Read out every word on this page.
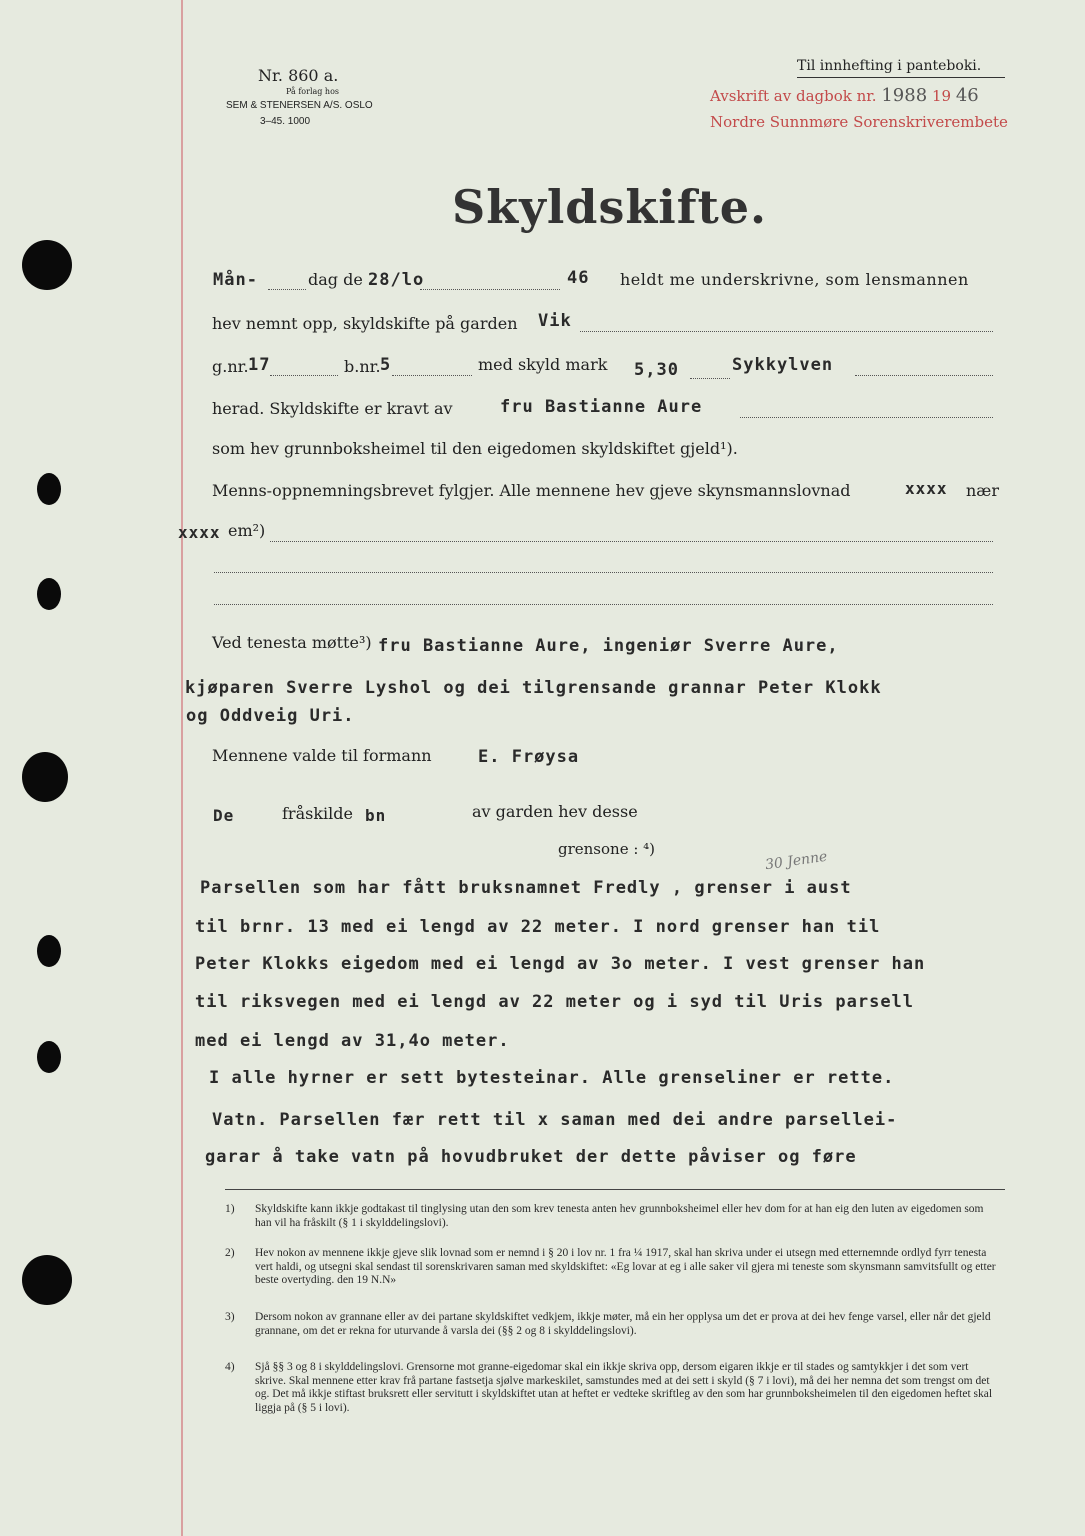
Nr. 860 a.
På forlag hos
SEM & STENERSEN A/S. OSLO
3–45. 1000
Til innhefting i panteboki.
Avskrift av dagbok nr. 1988 19 46
Nordre Sunnmøre Sorenskriverembete
Skyldskifte.
Mån-	dag de 28/lo	46 heldt me underskrivne, som lensmannen
hev nemnt opp, skyldskifte på garden Vik
g.nr. 17	b.nr. 5	med skyld mark 5,30	Sykkylven
herad. Skyldskifte er kravt av	fru Bastianne Aure
som hev grunnboksheimel til den eigedomen skyldskiftet gjeld¹).
Menns-oppnemningsbrevet fylgjer. Alle mennene hev gjeve skynsmannslovnad	xxxx nær
xxxx em²)
Ved tenesta møtte³) fru Bastianne Aure, ingeniør Sverre Aure,
kjøparen Sverre Lyshol og dei tilgrensande grannar Peter Klokk
og Oddveig Uri.
Mennene valde til formann	E. Frøysa
De	fråskilde bn	av garden hev desse
grensone : ⁴)	30 Jenne
Parsellen som har fått bruksnamnet Fredly , grenser i aust
til brnr. 13 med ei lengd av 22 meter. I nord grenser han til
Peter Klokks eigedom med ei lengd av 3o meter. I vest grenser han
til riksvegen med ei lengd av 22 meter og i syd til Uris parsell
med ei lengd av 31,4o meter.
I alle hyrner er sett bytesteinar. Alle grenseliner er rette.
Vatn. Parsellen fær rett til x saman med dei andre parsellei-
garar å take vatn på hovudbruket der dette påviser og føre
1)	Skyldskifte kann ikkje godtakast til tinglysing utan den som krev tenesta anten hev grunnboksheimel eller hev dom for at han eig den luten av eigedomen som han vil ha fråskilt (§ 1 i skylddelingslovi).
2)	Hev nokon av mennene ikkje gjeve slik lovnad som er nemnd i § 20 i lov nr. 1 fra ¼ 1917, skal han skriva under ei utsegn med etternemnde ordlyd fyrr tenesta vert haldi, og utsegni skal sendast til sorenskrivaren saman med skyldskiftet: «Eg lovar at eg i alle saker vil gjera mi teneste som skynsmann samvitsfullt og etter beste overtyding. den 19 N.N»
3)	Dersom nokon av grannane eller av dei partane skyldskiftet vedkjem, ikkje møter, må ein her opplysa um det er prova at dei hev fenge varsel, eller når det gjeld grannane, om det er rekna for uturvande å varsla dei (§§ 2 og 8 i skylddelingslovi).
4)	Sjå §§ 3 og 8 i skylddelingslovi. Grensorne mot granne-eigedomar skal ein ikkje skriva opp, dersom eigaren ikkje er til stades og samtykkjer i det som vert skrive. Skal mennene etter krav frå partane fastsetja sjølve markeskilet, samstundes med at dei sett i skyld (§ 7 i lovi), må dei her nemna det som trengst om det og. Det må ikkje stiftast bruksrett eller servitutt i skyldskiftet utan at heftet er vedteke skriftleg av den som har grunnboksheimelen til den eigedomen heftet skal liggja på (§ 5 i lovi).
